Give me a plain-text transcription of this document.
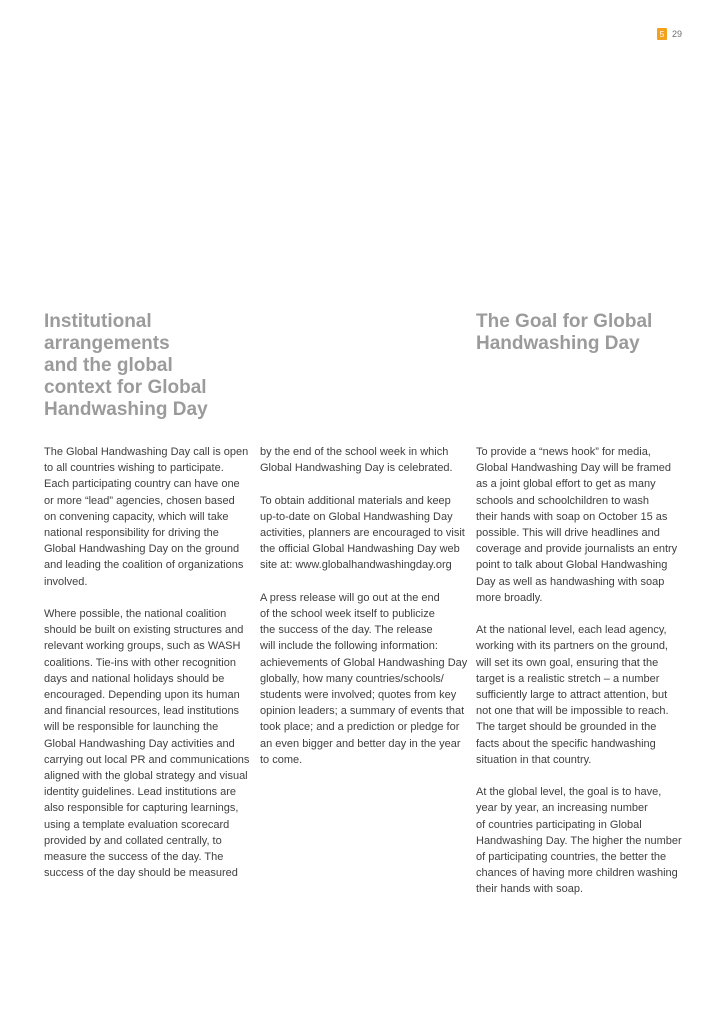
5 29
Institutional
arrangements
and the global
context for Global
Handwashing Day
The Goal for Global
Handwashing Day

The Global Handwashing Day call is open
to all countries wishing to participate.
Each participating country can have one
or more “lead” agencies, chosen based
on convening capacity, which will take
national responsibility for driving the
Global Handwashing Day on the ground
and leading the coalition of organizations
involved.

Where possible, the national coalition
should be built on existing structures and
relevant working groups, such as WASH
coalitions. Tie-ins with other recognition
days and national holidays should be
encouraged. Depending upon its human
and financial resources, lead institutions
will be responsible for launching the
Global Handwashing Day activities and
carrying out local PR and communications
aligned with the global strategy and visual
identity guidelines. Lead institutions are
also responsible for capturing learnings,
using a template evaluation scorecard
provided by and collated centrally, to
measure the success of the day. The
success of the day should be measured

by the end of the school week in which
Global Handwashing Day is celebrated.

To obtain additional materials and keep
up-to-date on Global Handwashing Day
activities, planners are encouraged to visit
the official Global Handwashing Day web
site at: www.globalhandwashingday.org

A press release will go out at the end
of the school week itself to publicize
the success of the day. The release
will include the following information:
achievements of Global Handwashing Day
globally, how many countries/schools/
students were involved; quotes from key
opinion leaders; a summary of events that
took place; and a prediction or pledge for
an even bigger and better day in the year
to come.

To provide a “news hook” for media,
Global Handwashing Day will be framed
as a joint global effort to get as many
schools and schoolchildren to wash
their hands with soap on October 15 as
possible. This will drive headlines and
coverage and provide journalists an entry
point to talk about Global Handwashing
Day as well as handwashing with soap
more broadly.

At the national level, each lead agency,
working with its partners on the ground,
will set its own goal, ensuring that the
target is a realistic stretch – a number
sufficiently large to attract attention, but
not one that will be impossible to reach.
The target should be grounded in the
facts about the specific handwashing
situation in that country.

At the global level, the goal is to have,
year by year, an increasing number
of countries participating in Global
Handwashing Day. The higher the number
of participating countries, the better the
chances of having more children washing
their hands with soap.
